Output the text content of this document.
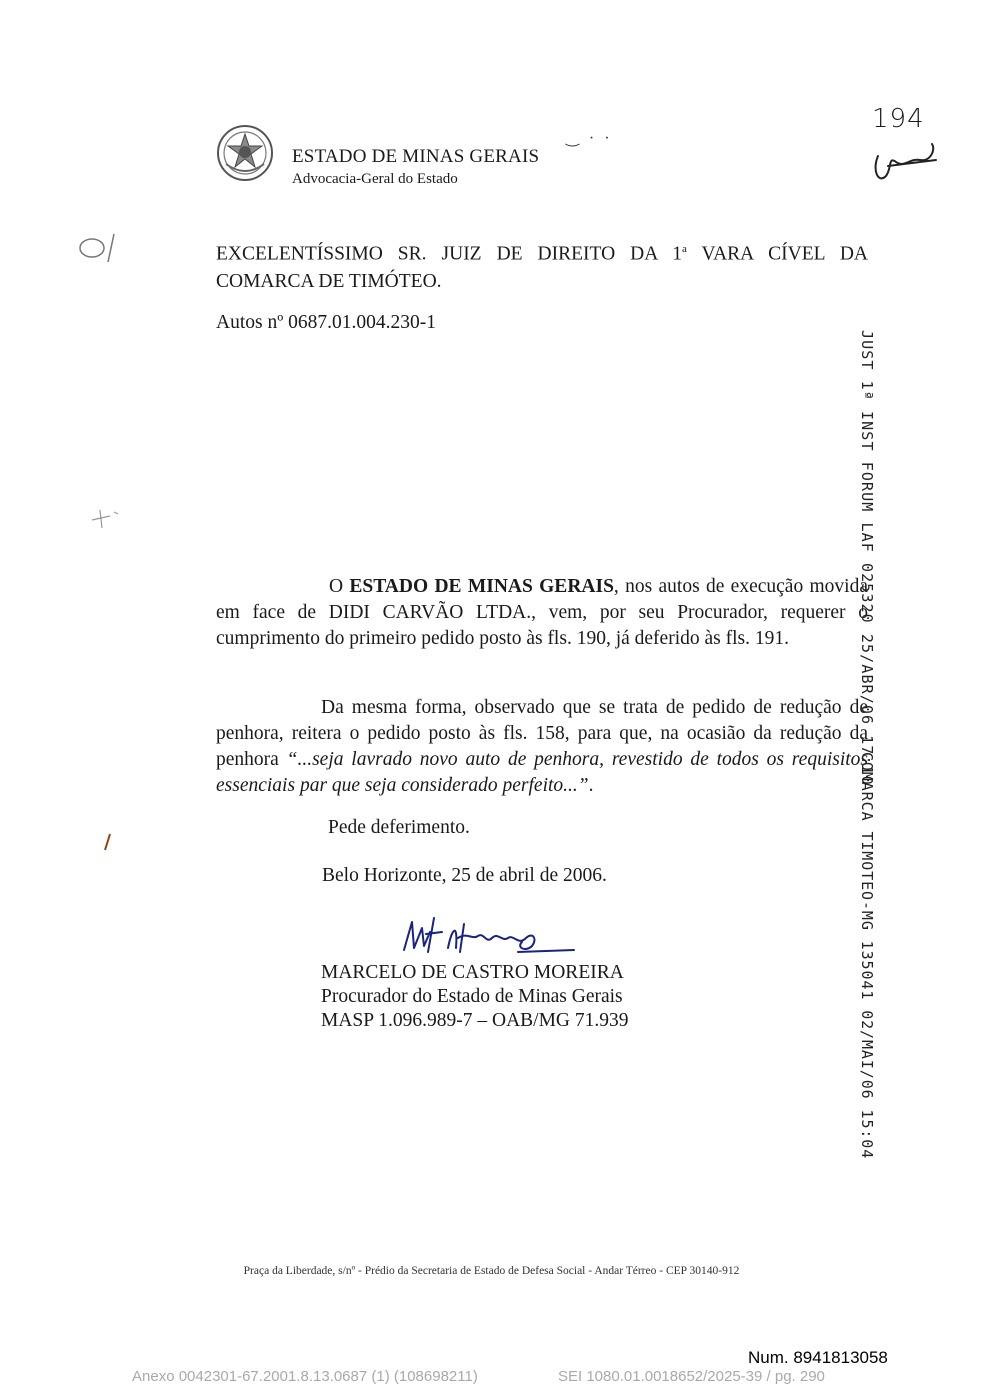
ESTADO DE MINAS GERAIS
Advocacia-Geral do Estado
‿ · ·
194
EXCELENTÍSSIMO SR. JUIZ DE DIREITO DA 1$^a$ VARA CÍVEL DA COMARCA DE TIMÓTEO.
Autos nº 0687.01.004.230-1
O ESTADO DE MINAS GERAIS, nos autos de execução movida em face de DIDI CARVÃO LTDA., vem, por seu Procurador, requerer o cumprimento do primeiro pedido posto às fls. 190, já deferido às fls. 191.
Da mesma forma, observado que se trata de pedido de redução de penhora, reitera o pedido posto às fls. 158, para que, na ocasião da redução da penhora “...seja lavrado novo auto de penhora, revestido de todos os requisitos essenciais par que seja considerado perfeito...”.
Pede deferimento.
Belo Horizonte, 25 de abril de 2006.
MARCELO DE CASTRO MOREIRA
Procurador do Estado de Minas Gerais
MASP 1.096.989-7 – OAB/MG 71.939
JUST 1ª INST FORUM LAF 025320 25/ABR/06 17:10
COMARCA TIMOTEO-MG 135041 02/MAI/06 15:04
Praça da Liberdade, s/nº - Prédio da Secretaria de Estado de Defesa Social - Andar Térreo - CEP 30140-912
Num. 8941813058
Anexo 0042301-67.2001.8.13.0687 (1) (108698211)	SEI 1080.01.0018652/2025-39 / pg. 290
